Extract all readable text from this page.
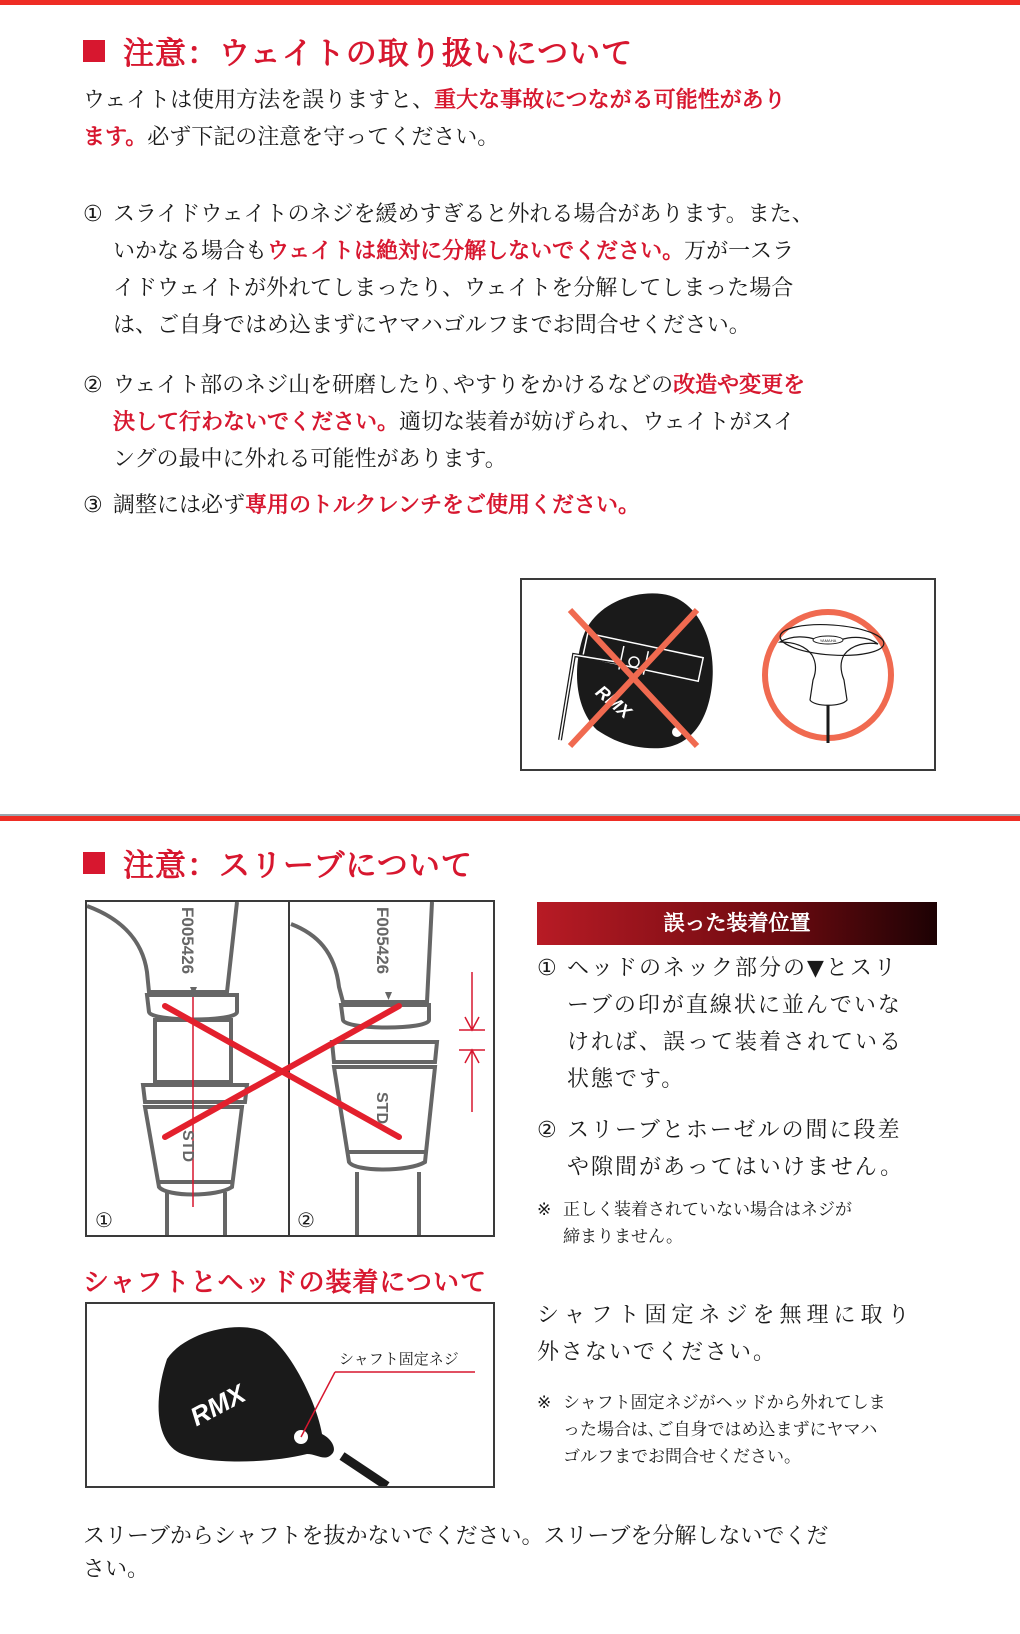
注意：ウェイトの取り扱いについて
ウェイトは使用方法を誤りますと、重大な事故につながる可能性があり
ます。必ず下記の注意を守ってください。
① スライドウェイトのネジを緩めすぎると外れる場合があります。また、
いかなる場合もウェイトは絶対に分解しないでください。万が一スラ
イドウェイトが外れてしまったり、ウェイトを分解してしまった場合
は、ご自身ではめ込まずにヤマハゴルフまでお問合せください。
② ウェイト部のネジ山を研磨したり､やすりをかけるなどの改造や変更を
決して行わないでください。適切な装着が妨げられ、ウェイトがスイ
ングの最中に外れる可能性があります。
③ 調整には必ず専用のトルクレンチをご使用ください。
YAMAHA
注意：スリーブについて
F005426
STD
①
F005426
STD
②
誤った装着位置
① ヘッドのネック部分の▼とスリ
ーブの印が直線状に並んでいな
ければ、誤って装着されている
状態です。
② スリーブとホーゼルの間に段差
や隙間があってはいけません。
※ 正しく装着されていない場合はネジが
締まりません。
シャフトとヘッドの装着について
RMX
シャフト固定ネジ
シャフト固定ネジを無理に取り
外さないでください。
※ シャフト固定ネジがヘッドから外れてしま
った場合は､ご自身ではめ込まずにヤマハ
ゴルフまでお問合せください。
スリーブからシャフトを抜かないでください。スリーブを分解しないでくだ
さい。
